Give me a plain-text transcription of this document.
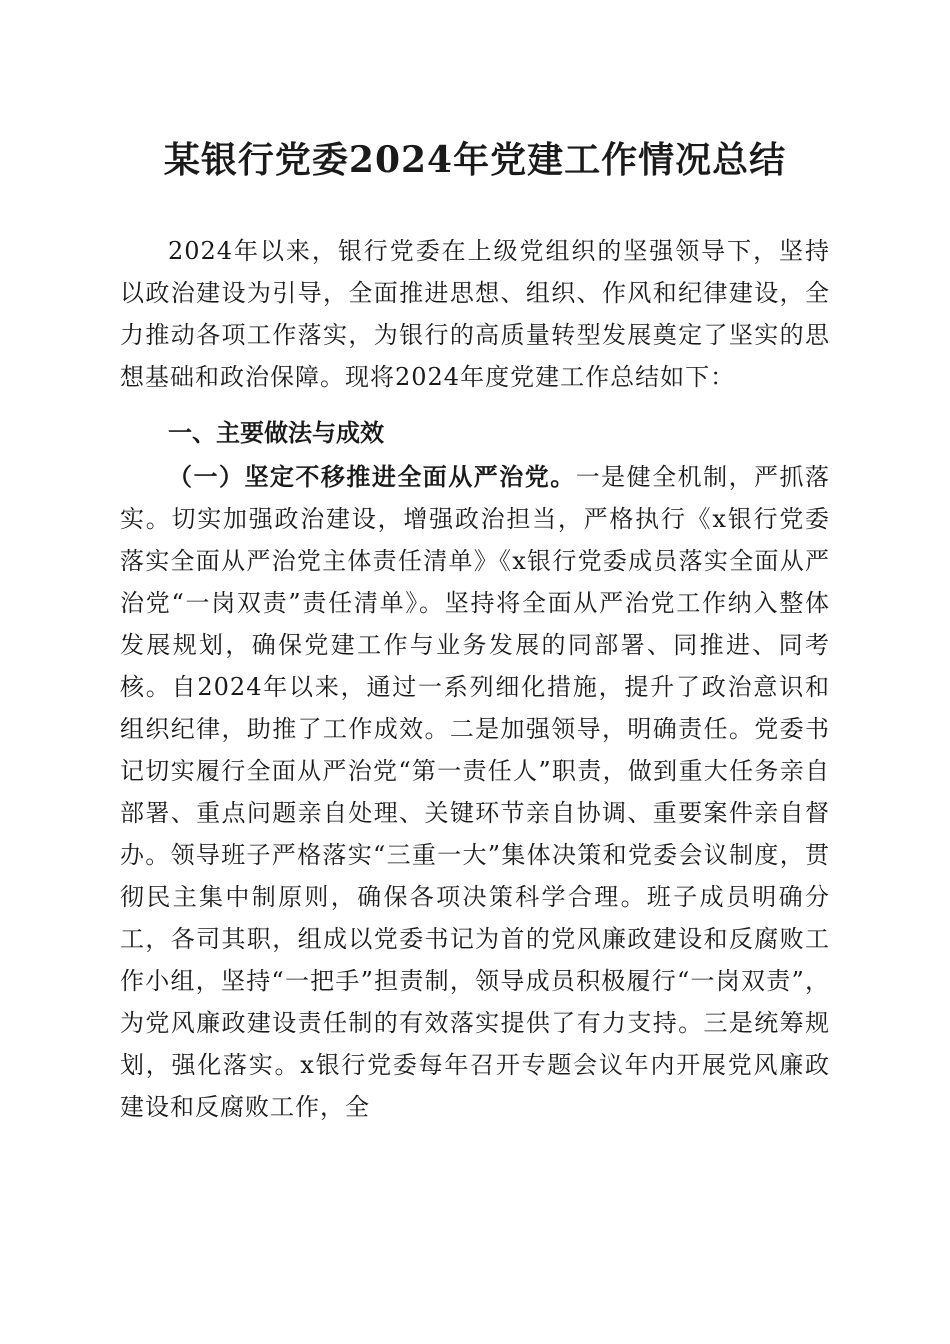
某银行党委2024年党建工作情况总结

2024年以来，银行党委在上级党组织的坚强领导下，坚持以政治建设为引导，全面推进思想、组织、作风和纪律建设，全力推动各项工作落实，为银行的高质量转型发展奠定了坚实的思想基础和政治保障。现将2024年度党建工作总结如下：

一、主要做法与成效

（一）坚定不移推进全面从严治党。一是健全机制，严抓落实。切实加强政治建设，增强政治担当，严格执行《x银行党委落实全面从严治党主体责任清单》《x银行党委成员落实全面从严治党“一岗双责”责任清单》。坚持将全面从严治党工作纳入整体发展规划，确保党建工作与业务发展的同部署、同推进、同考核。自2024年以来，通过一系列细化措施，提升了政治意识和组织纪律，助推了工作成效。二是加强领导，明确责任。党委书记切实履行全面从严治党“第一责任人”职责，做到重大任务亲自部署、重点问题亲自处理、关键环节亲自协调、重要案件亲自督办。领导班子严格落实“三重一大”集体决策和党委会议制度，贯彻民主集中制原则，确保各项决策科学合理。班子成员明确分工，各司其职，组成以党委书记为首的党风廉政建设和反腐败工作小组，坚持“一把手”担责制，领导成员积极履行“一岗双责”，为党风廉政建设责任制的有效落实提供了有力支持。三是统筹规划，强化落实。x银行党委每年召开专题会议年内开展党风廉政建设和反腐败工作，全
